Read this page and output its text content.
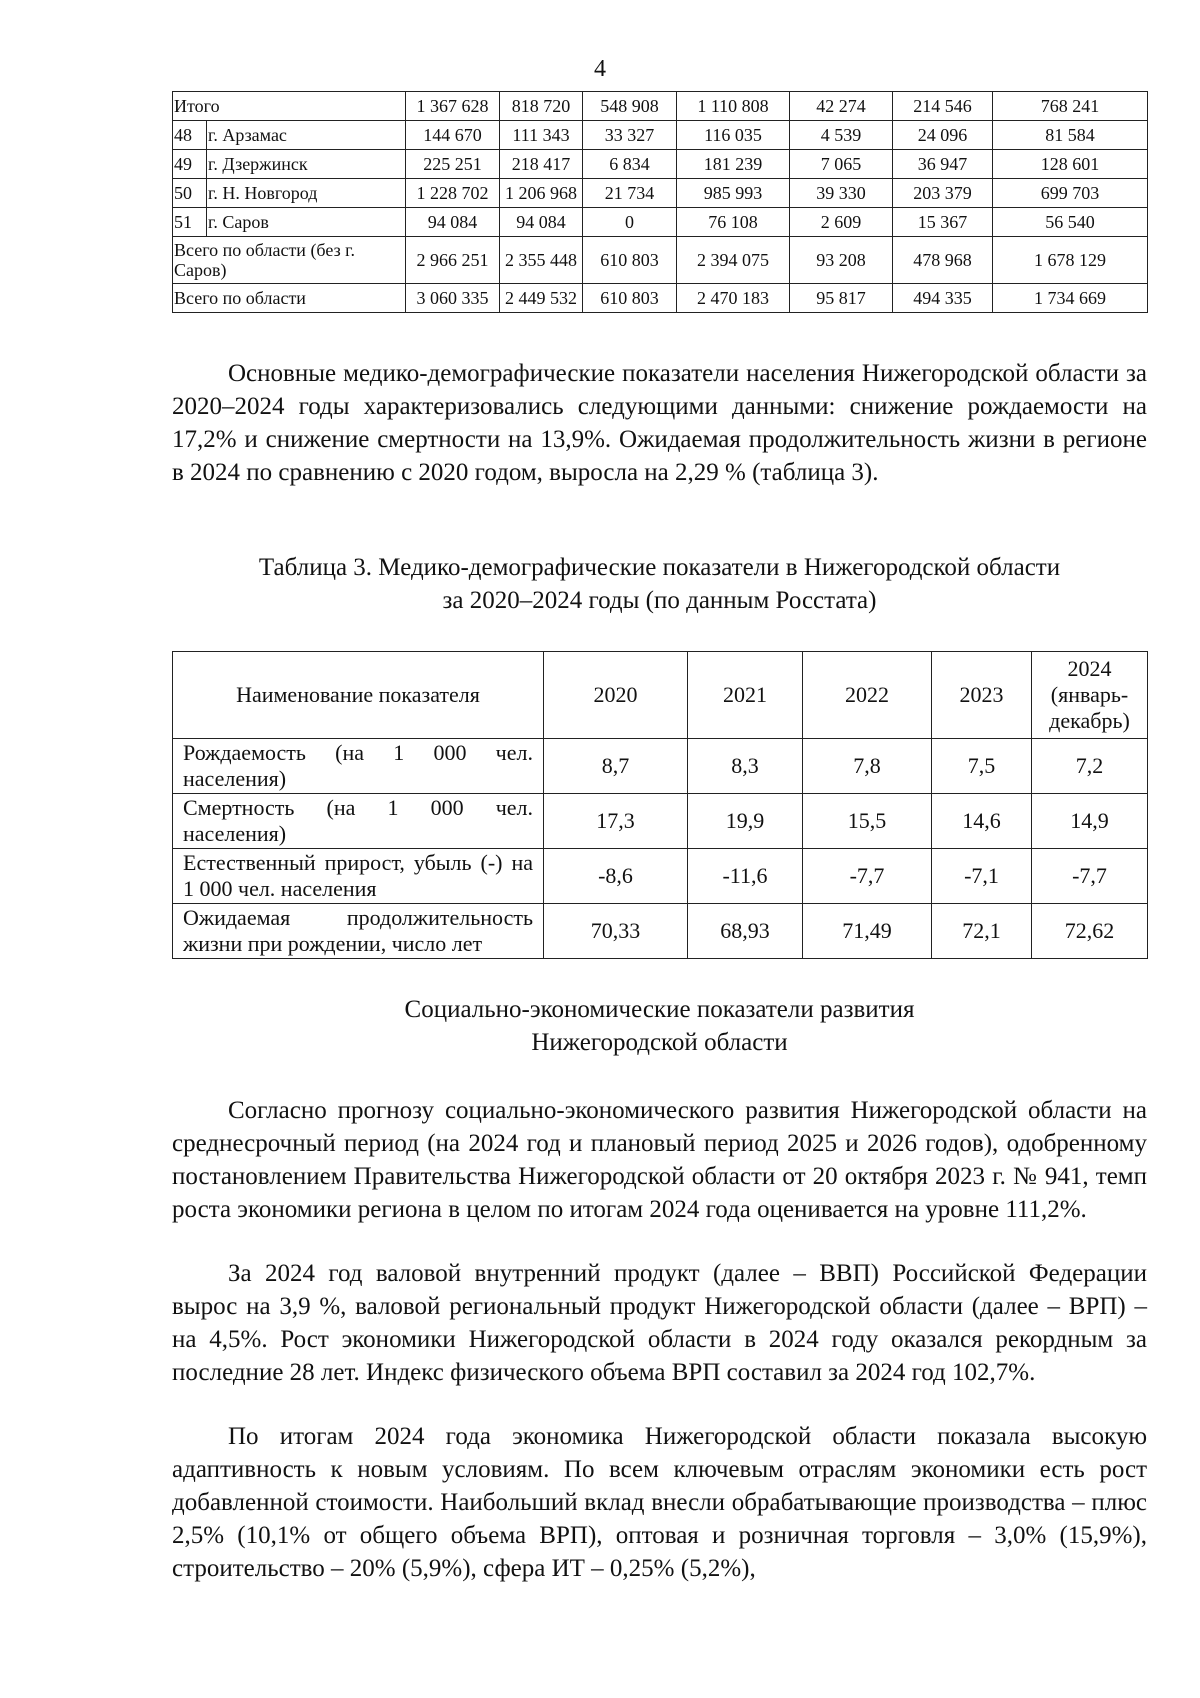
4
Итого		1 367 628	818 720	548 908	1 110 808	42 274	214 546	768 241
48	г. Арзамас	144 670	111 343	33 327	116 035	4 539	24 096	81 584
49	г. Дзержинск	225 251	218 417	6 834	181 239	7 065	36 947	128 601
50	г. Н. Новгород	1 228 702	1 206 968	21 734	985 993	39 330	203 379	699 703
51	г. Саров	94 084	94 084	0	76 108	2 609	15 367	56 540
Всего по области (без г. Саров)		2 966 251	2 355 448	610 803	2 394 075	93 208	478 968	1 678 129
Всего по области		3 060 335	2 449 532	610 803	2 470 183	95 817	494 335	1 734 669

Основные медико-демографические показатели населения Нижегородской области за 2020–2024 годы характеризовались следующими данными: снижение рождаемости на 17,2% и снижение смертности на 13,9%. Ожидаемая продолжительность жизни в регионе в 2024 по сравнению с 2020 годом, выросла на 2,29 % (таблица 3).

Таблица 3. Медико-демографические показатели в Нижегородской области

за 2020–2024 годы (по данным Росстата)

Наименование показателя	2020	2021	2022	2023	2024
(январь-
декабрь)

Рождаемость (на 1 000 чел. населения)	8,7	8,3	7,8	7,5	7,2
Смертность (на 1 000 чел. населения)	17,3	19,9	15,5	14,6	14,9
Естественный прирост, убыль (-) на 1 000 чел. населения	-8,6	-11,6	-7,7	-7,1	-7,7
Ожидаемая продолжительность жизни при рождении, число лет	70,33	68,93	71,49	72,1	72,62

Социально-экономические показатели развития

Нижегородской области

Согласно прогнозу социально-экономического развития Нижегородской области на среднесрочный период (на 2024 год и плановый период 2025 и 2026 годов), одобренному постановлением Правительства Нижегородской области от 20 октября 2023 г. № 941, темп роста экономики региона в целом по итогам 2024 года оценивается на уровне 111,2%.

За 2024 год валовой внутренний продукт (далее – ВВП) Российской Федерации вырос на 3,9 %, валовой региональный продукт Нижегородской области (далее – ВРП) – на 4,5%. Рост экономики Нижегородской области в 2024 году оказался рекордным за последние 28 лет. Индекс физического объема ВРП составил за 2024 год 102,7%.

По итогам 2024 года экономика Нижегородской области показала высокую адаптивность к новым условиям. По всем ключевым отраслям экономики есть рост добавленной стоимости. Наибольший вклад внесли обрабатывающие производства – плюс 2,5% (10,1% от общего объема ВРП), оптовая и розничная торговля – 3,0% (15,9%), строительство – 20% (5,9%), сфера ИТ – 0,25% (5,2%),
